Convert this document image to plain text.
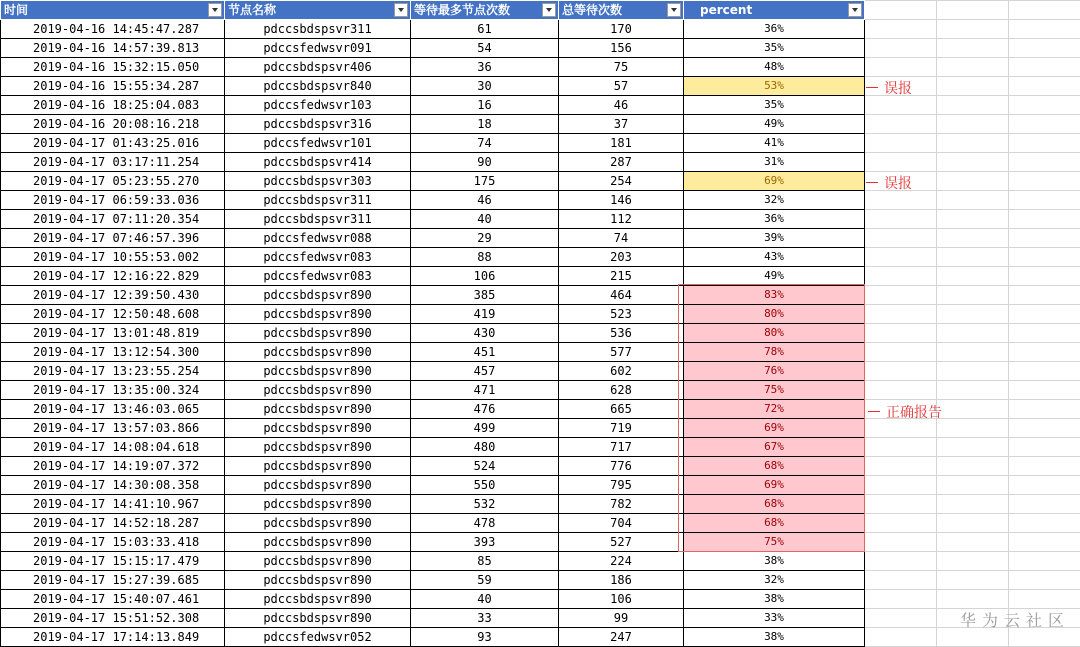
时间	节点名称	等待最多节点次数	总等待次数	percent

2019-04-16 14:45:47.287	pdccsbdspsvr311	61	170	36%
2019-04-16 14:57:39.813	pdccsfedwsvr091	54	156	35%
2019-04-16 15:32:15.050	pdccsbdspsvr406	36	75	48%
2019-04-16 15:55:34.287	pdccsbdspsvr840	30	57	53%
2019-04-16 18:25:04.083	pdccsfedwsvr103	16	46	35%
2019-04-16 20:08:16.218	pdccsbdspsvr316	18	37	49%
2019-04-17 01:43:25.016	pdccsfedwsvr101	74	181	41%
2019-04-17 03:17:11.254	pdccsbdspsvr414	90	287	31%
2019-04-17 05:23:55.270	pdccsbdspsvr303	175	254	69%
2019-04-17 06:59:33.036	pdccsbdspsvr311	46	146	32%
2019-04-17 07:11:20.354	pdccsbdspsvr311	40	112	36%
2019-04-17 07:46:57.396	pdccsfedwsvr088	29	74	39%
2019-04-17 10:55:53.002	pdccsfedwsvr083	88	203	43%
2019-04-17 12:16:22.829	pdccsfedwsvr083	106	215	49%
2019-04-17 12:39:50.430	pdccsbdspsvr890	385	464	83%
2019-04-17 12:50:48.608	pdccsbdspsvr890	419	523	80%
2019-04-17 13:01:48.819	pdccsbdspsvr890	430	536	80%
2019-04-17 13:12:54.300	pdccsbdspsvr890	451	577	78%
2019-04-17 13:23:55.254	pdccsbdspsvr890	457	602	76%
2019-04-17 13:35:00.324	pdccsbdspsvr890	471	628	75%
2019-04-17 13:46:03.065	pdccsbdspsvr890	476	665	72%
2019-04-17 13:57:03.866	pdccsbdspsvr890	499	719	69%
2019-04-17 14:08:04.618	pdccsbdspsvr890	480	717	67%
2019-04-17 14:19:07.372	pdccsbdspsvr890	524	776	68%
2019-04-17 14:30:08.358	pdccsbdspsvr890	550	795	69%
2019-04-17 14:41:10.967	pdccsbdspsvr890	532	782	68%
2019-04-17 14:52:18.287	pdccsbdspsvr890	478	704	68%
2019-04-17 15:03:33.418	pdccsbdspsvr890	393	527	75%
2019-04-17 15:15:17.479	pdccsbdspsvr890	85	224	38%
2019-04-17 15:27:39.685	pdccsbdspsvr890	59	186	32%
2019-04-17 15:40:07.461	pdccsbdspsvr890	40	106	38%
2019-04-17 15:51:52.308	pdccsbdspsvr890	33	99	33%
2019-04-17 17:14:13.849	pdccsfedwsvr052	93	247	38%
误报
误报
正确报告
华为云社区
